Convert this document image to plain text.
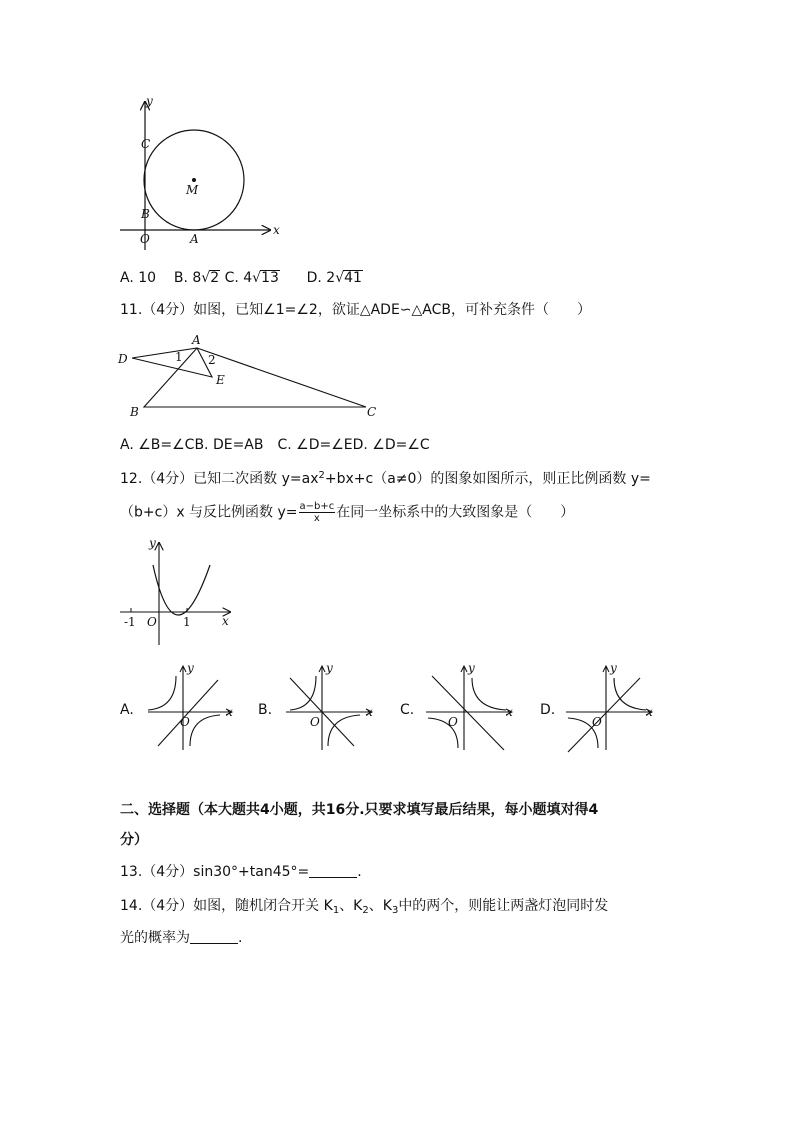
y
x
O	A
B
C
M
A. 10 B. 8√2 C. 4√13 D. 2√41
11.（4分）如图，已知∠1=∠2，欲证△ADE∽△ACB，可补充条件（　　）
A
D
E
B	C
1 2
A. ∠B=∠CB. DE=AB　C. ∠D=∠ED. ∠D=∠C
12.（4分）已知二次函数 $y=ax^2+bx+c(a\ne 0)$的图象如图所示，则正比例函数 y=
（b+c）x 与反比例函数 $y= \frac{a-b+c}{x}$ 在同一坐标系中的大致图象是（　　）
y
x
O
-1	1
A.	x
y
O
B.	x
y
O
C.	x
y
O
D.	x
y
O
二、选择题（本大题共4小题，共16分.只要求填写最后结果，每小题填对得4
分）
13.（4分）sin30°+tan45°=	.
14.（4分）如图，随机闭合开关 $K_1$、$K_2$、$K_3$中的两个，则能让两盏灯泡同时发
光的概率为	.
